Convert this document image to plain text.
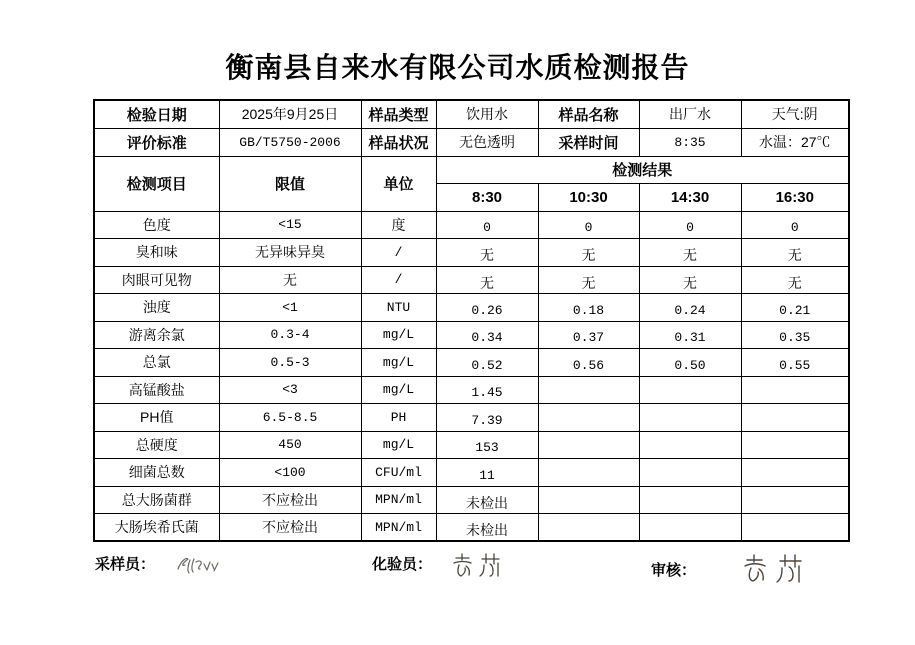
衡南县自来水有限公司水质检测报告
检验日期	2025年9月25日	样品类型	饮用水	样品名称	出厂水	天气:阴
评价标准	GB/T5750-2006	样品状况	无色透明	采样时间	8:35	水温：27℃
检测项目	限值	单位	检测结果			
			8:30	10:30	14:30	16:30
色度	<15	度	0	0	0	0
臭和味	无异味异臭	/	无	无	无	无
肉眼可见物	无	/	无	无	无	无
浊度	<1	NTU	0.26	0.18	0.24	0.21
游离余氯	0.3-4	mg/L	0.34	0.37	0.31	0.35
总氯	0.5-3	mg/L	0.52	0.56	0.50	0.55
高锰酸盐	<3	mg/L	1.45			
PH值	6.5-8.5	PH	7.39			
总硬度	450	mg/L	153			
细菌总数	<100	CFU/ml	11			
总大肠菌群	不应检出	MPN/ml	未检出			
大肠埃希氏菌	不应检出	MPN/ml	未检出			
采样员：	化验员：	审核：
